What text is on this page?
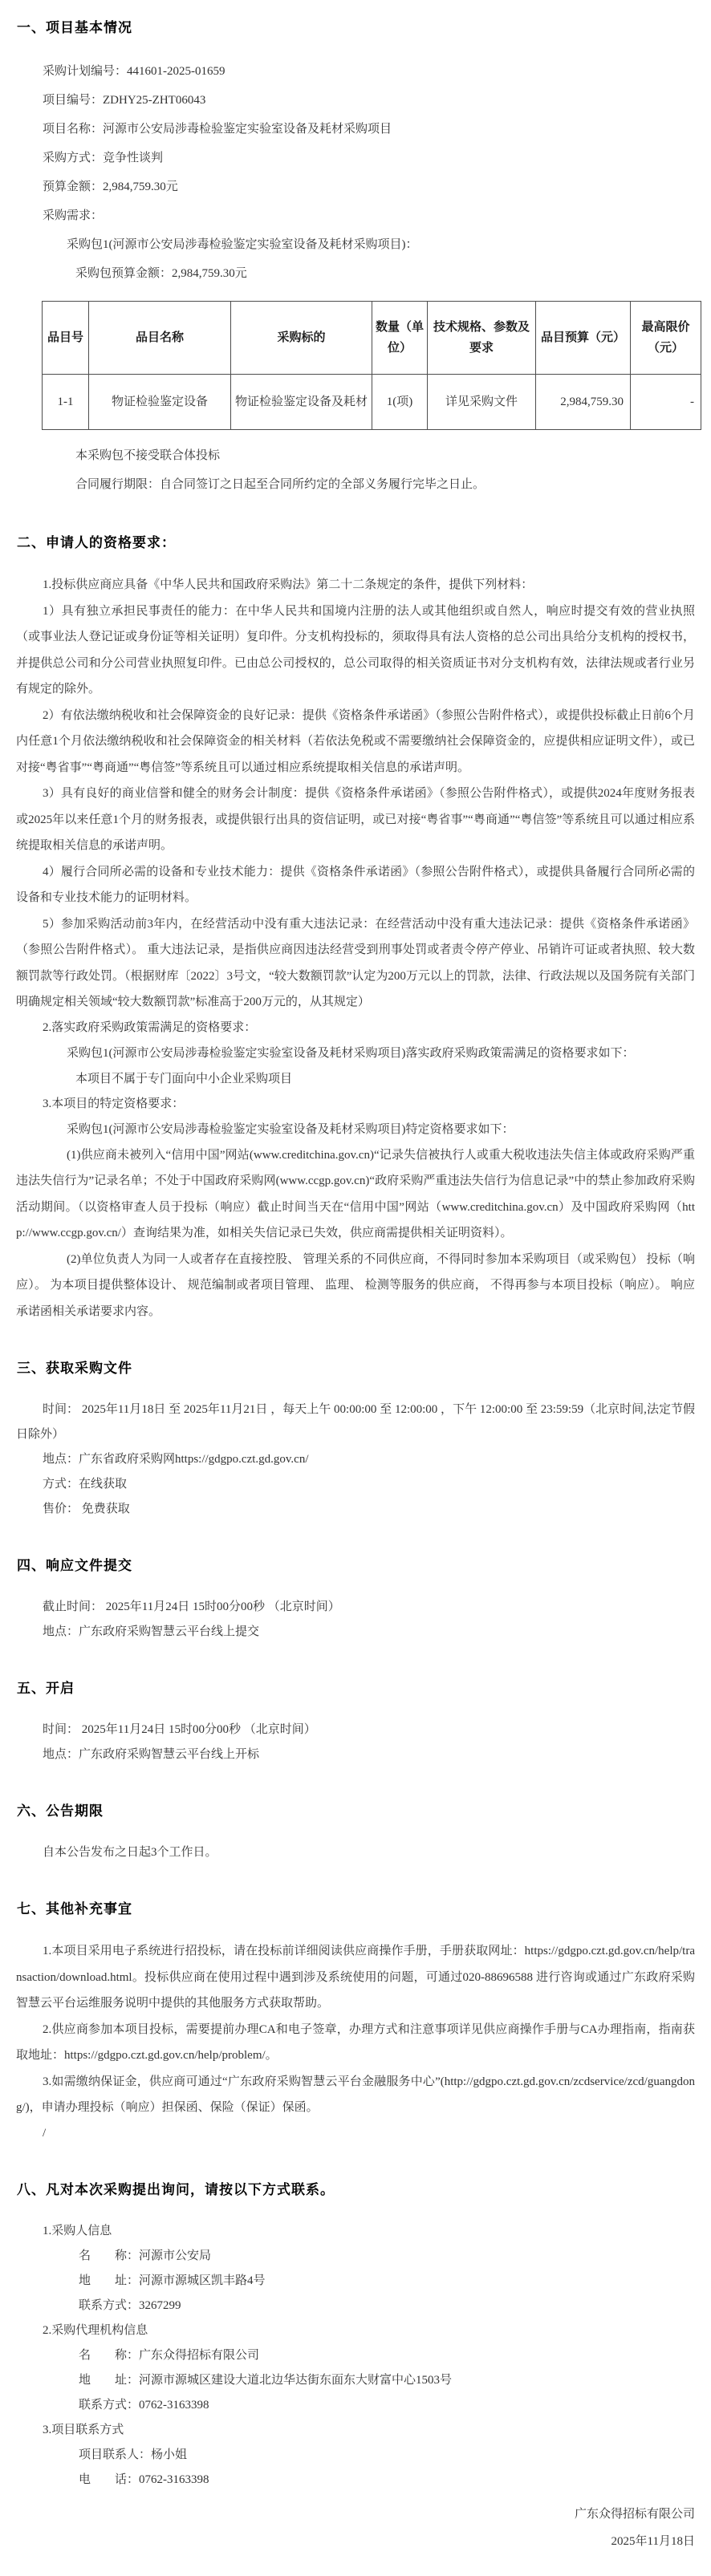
一、项目基本情况
采购计划编号：441601-2025-01659
项目编号：ZDHY25-ZHT06043
项目名称：河源市公安局涉毒检验鉴定实验室设备及耗材采购项目
采购方式：竞争性谈判
预算金额：2,984,759.30元
采购需求：
采购包1(河源市公安局涉毒检验鉴定实验室设备及耗材采购项目)：
采购包预算金额：2,984,759.30元
品目号	品目名称	采购标的	数量（单位）	技术规格、参数及要求	品目预算（元）	最高限价（元）
1-1	物证检验鉴定设备	物证检验鉴定设备及耗材	1(项)	详见采购文件	2,984,759.30	-
本采购包不接受联合体投标
合同履行期限：自合同签订之日起至合同所约定的全部义务履行完毕之日止。
二、申请人的资格要求：

1.投标供应商应具备《中华人民共和国政府采购法》第二十二条规定的条件，提供下列材料：

1）具有独立承担民事责任的能力：在中华人民共和国境内注册的法人或其他组织或自然人，响应时提交有效的营业执照（或事业法人登记证或身份证等相关证明）复印件。分支机构投标的，须取得具有法人资格的总公司出具给分支机构的授权书，并提供总公司和分公司营业执照复印件。已由总公司授权的，总公司取得的相关资质证书对分支机构有效，法律法规或者行业另有规定的除外。

2）有依法缴纳税收和社会保障资金的良好记录：提供《资格条件承诺函》（参照公告附件格式），或提供投标截止日前6个月内任意1个月依法缴纳税收和社会保障资金的相关材料（若依法免税或不需要缴纳社会保障资金的，应提供相应证明文件），或已对接“粤省事”“粤商通”“粤信签”等系统且可以通过相应系统提取相关信息的承诺声明。

3）具有良好的商业信誉和健全的财务会计制度：提供《资格条件承诺函》（参照公告附件格式），或提供2024年度财务报表或2025年以来任意1个月的财务报表，或提供银行出具的资信证明，或已对接“粤省事”“粤商通”“粤信签”等系统且可以通过相应系统提取相关信息的承诺声明。

4）履行合同所必需的设备和专业技术能力：提供《资格条件承诺函》（参照公告附件格式），或提供具备履行合同所必需的设备和专业技术能力的证明材料。

5）参加采购活动前3年内，在经营活动中没有重大违法记录：在经营活动中没有重大违法记录：提供《资格条件承诺函》（参照公告附件格式）。 重大违法记录，是指供应商因违法经营受到刑事处罚或者责令停产停业、吊销许可证或者执照、较大数额罚款等行政处罚。（根据财库〔2022〕3号文，“较大数额罚款”认定为200万元以上的罚款，法律、行政法规以及国务院有关部门明确规定相关领域“较大数额罚款”标准高于200万元的，从其规定）

2.落实政府采购政策需满足的资格要求：
采购包1(河源市公安局涉毒检验鉴定实验室设备及耗材采购项目)落实政府采购政策需满足的资格要求如下：
本项目不属于专门面向中小企业采购项目
3.本项目的特定资格要求：
采购包1(河源市公安局涉毒检验鉴定实验室设备及耗材采购项目)特定资格要求如下：

(1)供应商未被列入“信用中国”网站(www.creditchina.gov.cn)“记录失信被执行人或重大税收违法失信主体或政府采购严重违法失信行为”记录名单；不处于中国政府采购网(www.ccgp.gov.cn)“政府采购严重违法失信行为信息记录”中的禁止参加政府采购活动期间。（以资格审查人员于投标（响应）截止时间当天在“信用中国”网站（www.creditchina.gov.cn）及中国政府采购网（http://www.ccgp.gov.cn/）查询结果为准，如相关失信记录已失效，供应商需提供相关证明资料）。

(2)单位负责人为同一人或者存在直接控股、 管理关系的不同供应商，不得同时参加本采购项目（或采购包） 投标（响应）。 为本项目提供整体设计、 规范编制或者项目管理、 监理、 检测等服务的供应商， 不得再参与本项目投标（响应）。 响应承诺函相关承诺要求内容。

三、获取采购文件
时间： 2025年11月18日 至 2025年11月21日 ，每天上午 00:00:00 至 12:00:00 ，下午 12:00:00 至 23:59:59（北京时间,法定节假日除外）
地点：广东省政府采购网https://gdgpo.czt.gd.gov.cn/
方式：在线获取
售价： 免费获取
四、响应文件提交
截止时间： 2025年11月24日 15时00分00秒 （北京时间）
地点：广东政府采购智慧云平台线上提交
五、开启
时间： 2025年11月24日 15时00分00秒 （北京时间）
地点：广东政府采购智慧云平台线上开标
六、公告期限
自本公告发布之日起3个工作日。
七、其他补充事宜

1.本项目采用电子系统进行招投标，请在投标前详细阅读供应商操作手册，手册获取网址：https://gdgpo.czt.gd.gov.cn/help/transaction/download.html。投标供应商在使用过程中遇到涉及系统使用的问题，可通过020-88696588 进行咨询或通过广东政府采购智慧云平台运维服务说明中提供的其他服务方式获取帮助。

2.供应商参加本项目投标，需要提前办理CA和电子签章，办理方式和注意事项详见供应商操作手册与CA办理指南，指南获取地址：https://gdgpo.czt.gd.gov.cn/help/problem/。

3.如需缴纳保证金，供应商可通过“广东政府采购智慧云平台金融服务中心”(http://gdgpo.czt.gd.gov.cn/zcdservice/zcd/guangdong/)，申请办理投标（响应）担保函、保险（保证）保函。

/
八、凡对本次采购提出询问，请按以下方式联系。
1.采购人信息
名　　称：河源市公安局
地　　址：河源市源城区凯丰路4号
联系方式：3267299
2.采购代理机构信息
名　　称：广东众得招标有限公司
地　　址：河源市源城区建设大道北边华达街东面东大财富中心1503号
联系方式：0762-3163398
3.项目联系方式
项目联系人：杨小姐
电　　话：0762-3163398
广东众得招标有限公司
2025年11月18日
